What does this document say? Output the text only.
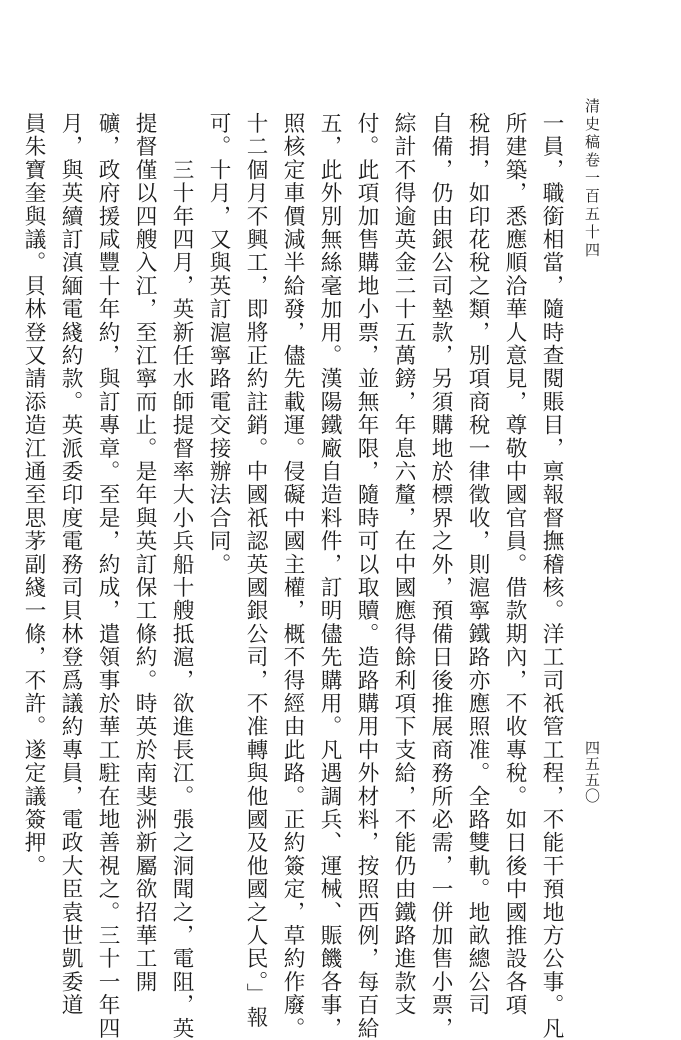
清史稿卷一百五十四
四五五〇
一員，職銜相當，隨時查閱賬目，禀報督撫稽核。洋工司祇管工程，不能干預地方公事。凡
所建築，悉應順洽華人意見，尊敬中國官員。借款期內，不收專稅。如日後中國推設各項
稅捐，如印花稅之類，別項商稅一律徵收，則滬寧鐵路亦應照准。全路雙軌。地畝總公司
自備，仍由銀公司墊款，另須購地於標界之外，預備日後推展商務所必需，一併加售小票，
綜計不得逾英金二十五萬鎊，年息六釐，在中國應得餘利項下支給，不能仍由鐵路進款支
付。此項加售購地小票，並無年限，隨時可以取贖。造路購用中外材料，按照西例，每百給
五，此外別無絲毫加用。漢陽鐵廠自造料件，訂明儘先購用。凡遇調兵、運械、賑饑各事，
照核定車價減半給發，儘先載運。侵礙中國主權，概不得經由此路。正約簽定，草約作廢。
十二個月不興工，即將正約註銷。中國祇認英國銀公司，不准轉與他國及他國之人民。」報
可。十月，又與英訂滬寧路電交接辦法合同。
　　三十年四月，英新任水師提督率大小兵船十艘抵滬，欲進長江。張之洞聞之，電阻，英
提督僅以四艘入江，至江寧而止。是年與英訂保工條約。時英於南斐洲新屬欲招華工開
礦，政府援咸豐十年約，與訂專章。至是，約成，遣領事於華工駐在地善視之。三十一年四
月，與英續訂滇緬電綫約款。英派委印度電務司貝林登爲議約專員，電政大臣袁世凱委道
員朱寶奎與議。貝林登又請添造江通至思茅副綫一條，不許。遂定議簽押。
